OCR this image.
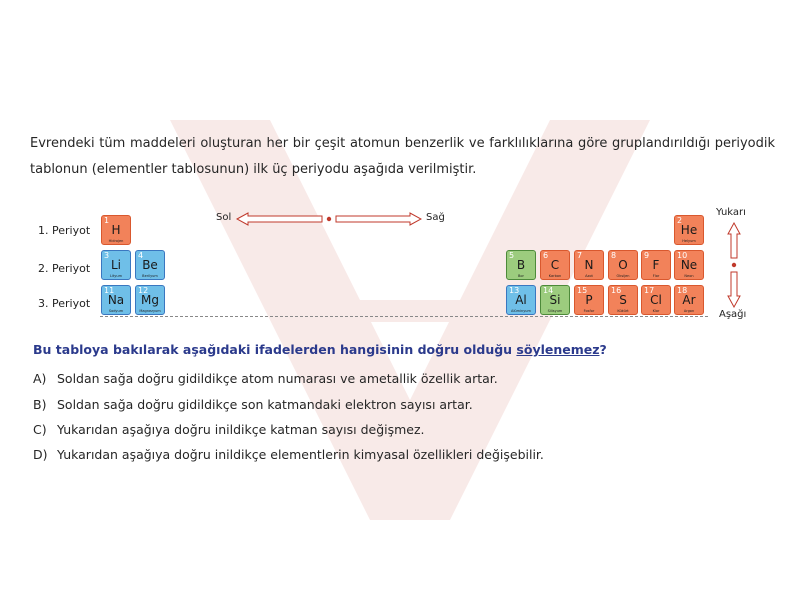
Evrendeki tüm maddeleri oluşturan her bir çeşit atomun benzerlik ve farklılıklarına göre gruplandırıldığı periyodik tablonun (elementler tablosunun) ilk üç periyodu aşağıda verilmiştir.
1. Periyot
2. Periyot
3. Periyot
1
H
Hidrojen
2
He
Helyum
3
Li
Lityum
4
Be
Berilyum
5
B
Bor
6
C
Karbon
7
N
Azot
8
O
Oksijen
9
F
Flor
10
Ne
Neon
11
Na
Sodyum
12
Mg
Magnezyum
13
Al
Alüminyum
14
Si
Silisyum
15
P
Fosfor
16
S
Kükürt
17
Cl
Klor
18
Ar
Argon
Sol	Sağ	Yukarı
Aşağı
Bu tabloya bakılarak aşağıdaki ifadelerden hangisinin doğru olduğu söylenemez?
A) Soldan sağa doğru gidildikçe atom numarası ve ametallik özellik artar.
B) Soldan sağa doğru gidildikçe son katmandaki elektron sayısı artar.
C) Yukarıdan aşağıya doğru inildikçe katman sayısı değişmez.
D) Yukarıdan aşağıya doğru inildikçe elementlerin kimyasal özellikleri değişebilir.
